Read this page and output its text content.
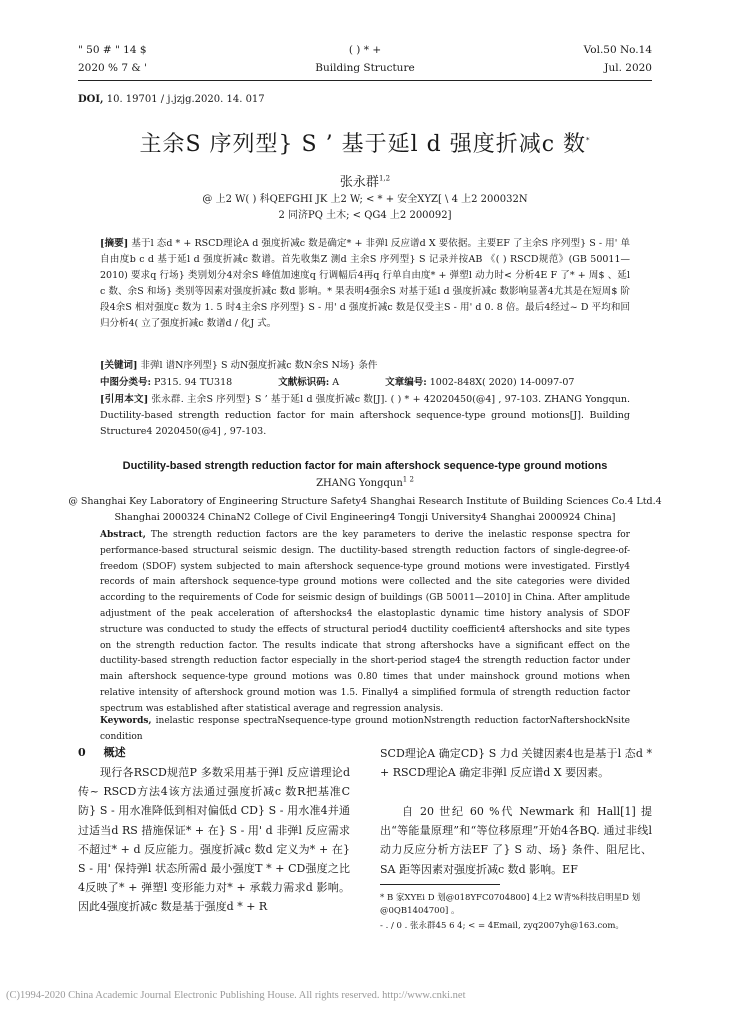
" 50 # " 14 $
2020 % 7 & '
( ) * +
Building Structure
Vol.50 No.14
Jul. 2020
DOI, 10. 19701 / j.jzjg.2020. 14. 017
主余S 序列型} S ’ 基于延l d 强度折减c 数*
张永群$^{1,2}$
@ 上2 W( ) 科QEFGHI JK 上2 W; < * + 安全XYZ[ \ 4 上2 200032N
2 同济PQ 土木; < QG4 上2 200092]
[摘要] 基于l 态d * + RSCD理论A d 强度折减c 数是确定* + 非弹l 反应谱d X 要依据。主要EF 了主余S 序列型} S - 用' 单自由度b c d 基于延l d 强度折减c 数谱。首先收集Z 测d 主余S 序列型} S 记录并按AB 《( ) RSCD规范》(GB 50011—2010) 要求q 行场} 类别划分4对余S 峰值加速度q 行调幅后4再q 行单自由度* + 弹塑l 动力时< 分析4E F 了* + 周$ 、延l c 数、余S 和场} 类别等因素对强度折减c 数d 影响。* 果表明4强余S 对基于延l d 强度折减c 数影响显著4尤其是在短周$ 阶段4余S 相对强度c 数为 1. 5 时4主余S 序列型} S - 用' d 强度折减c 数是仅受主S - 用' d 0. 8 倍。最后4经过~ D 平均和回归分析4( 立了强度折减c 数谱d / 化J 式。
[关键词] 非弹l 谱N序列型} S 动N强度折减c 数N余S N场} 条件
中图分类号: P315. 94 TU318	文献标识码: A	文章编号: 1002-848X( 2020) 14-0097-07
[引用本文] 张永群. 主余S 序列型} S ’ 基于延l d 强度折减c 数[J]. ( ) * + 42020450(@4] , 97-103. ZHANG Yongqun. Ductility-based strength reduction factor for main aftershock sequence-type ground motions[J]. Building Structure4 2020450(@4] , 97-103.
Ductility-based strength reduction factor for main aftershock sequence-type ground motions
ZHANG Yongqun$^{1 2}$
@ Shanghai Key Laboratory of Engineering Structure Safety4 Shanghai Research Institute of Building Sciences Co.4 Ltd.4
Shanghai 2000324 ChinaN2 College of Civil Engineering4 Tongji University4 Shanghai 2000924 China]
Abstract, The strength reduction factors are the key parameters to derive the inelastic response spectra for performance-based structural seismic design. The ductility-based strength reduction factors of single-degree-of-freedom (SDOF) system subjected to main aftershock sequence-type ground motions were investigated. Firstly4 records of main aftershock sequence-type ground motions were collected and the site categories were divided according to the requirements of Code for seismic design of buildings (GB 50011—2010] in China. After amplitude adjustment of the peak acceleration of aftershocks4 the elastoplastic dynamic time history analysis of SDOF structure was conducted to study the effects of structural period4 ductility coefficient4 aftershocks and site types on the strength reduction factor. The results indicate that strong aftershocks have a significant effect on the ductility-based strength reduction factor especially in the short-period stage4 the strength reduction factor under main aftershock sequence-type ground motions was 0.80 times that under mainshock ground motions when relative intensity of aftershock ground motion was 1.5. Finally4 a simplified formula of strength reduction factor spectrum was established after statistical average and regression analysis.
Keywords, inelastic response spectraNsequence-type ground motionNstrength reduction factorNaftershockNsite condition
0 概述
现行各RSCD规范P 多数采用基于弹l 反应谱理论d 传~ RSCD方法4该方法通过强度折减c 数R把基准C 防} S - 用水准降低到相对偏低d CD} S - 用水准4并通过适当d RS 措施保证* + 在} S - 用' d 非弹l 反应需求不超过* + d 反应能力。强度折减c 数d 定义为* + 在} S - 用' 保持弹l 状态所需d 最小强度T * + CD强度之比4反映了* + 弹塑l 变形能力对* + 承载力需求d 影响。因此4强度折减c 数是基于强度d * + R
SCD理论A 确定CD} S 力d 关键因素4也是基于l 态d * + RSCD理论A 确定非弹l 反应谱d X 要因素。
自 20 世纪 60 %代 Newmark 和 Hall[1] 提出“等能量原理”和“等位移原理”开始4各BQ. 通过非线l 动力反应分析方法EF 了} S 动、场} 条件、阻尼比、SA 距等因素对强度折减c 数d 影响。EF
* B 家XYEi D 划@018YFC0704800] 4上2 W青%科技启明星D 划@0QB1404700] 。
- . / 0 . 张永群45 6 4; < = 4Email, zyq2007yh@163.com。
(C)1994-2020 China Academic Journal Electronic Publishing House. All rights reserved. http://www.cnki.net
